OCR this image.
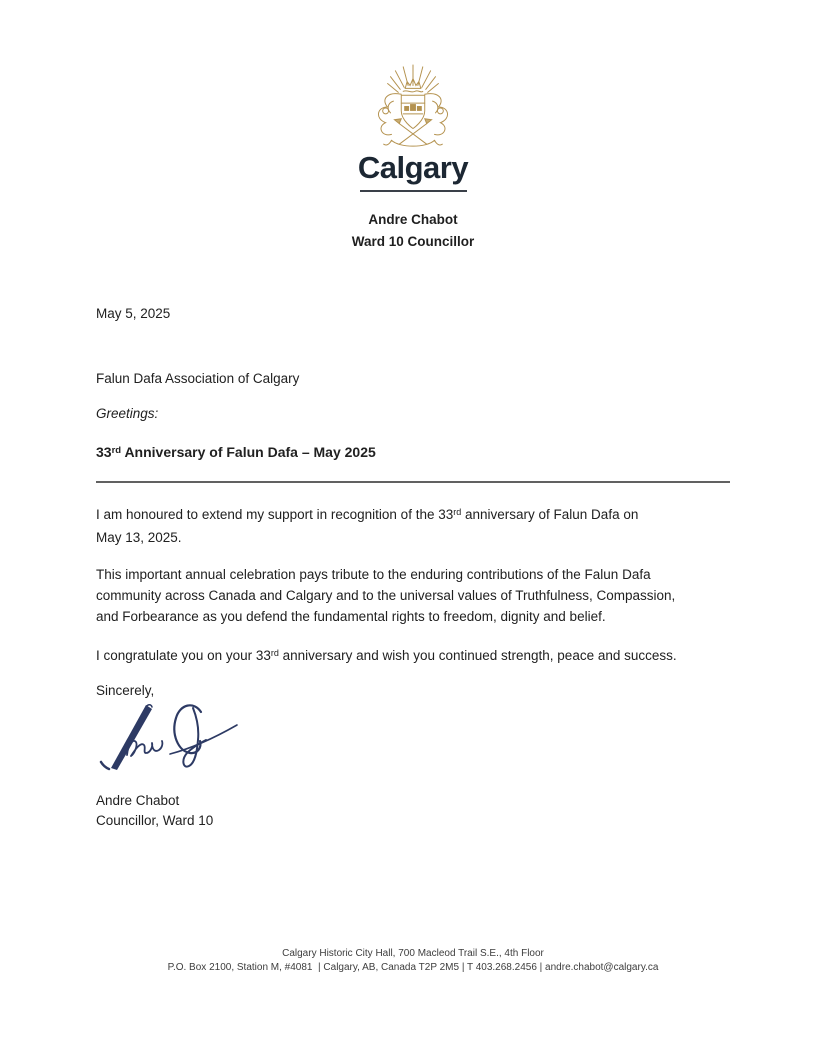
Calgary
Andre Chabot
Ward 10 Councillor
May 5, 2025
Falun Dafa Association of Calgary
Greetings:
33rd Anniversary of Falun Dafa – May 2025
I am honoured to extend my support in recognition of the 33rd anniversary of Falun Dafa on
May 13, 2025.
This important annual celebration pays tribute to the enduring contributions of the Falun Dafa
community across Canada and Calgary and to the universal values of Truthfulness, Compassion,
and Forbearance as you defend the fundamental rights to freedom, dignity and belief.
I congratulate you on your 33rd anniversary and wish you continued strength, peace and success.
Sincerely,
Andre Chabot
Councillor, Ward 10
Calgary Historic City Hall, 700 Macleod Trail S.E., 4th Floor
P.O. Box 2100, Station M, #4081  | Calgary, AB, Canada T2P 2M5 | T 403.268.2456 | andre.chabot@calgary.ca
